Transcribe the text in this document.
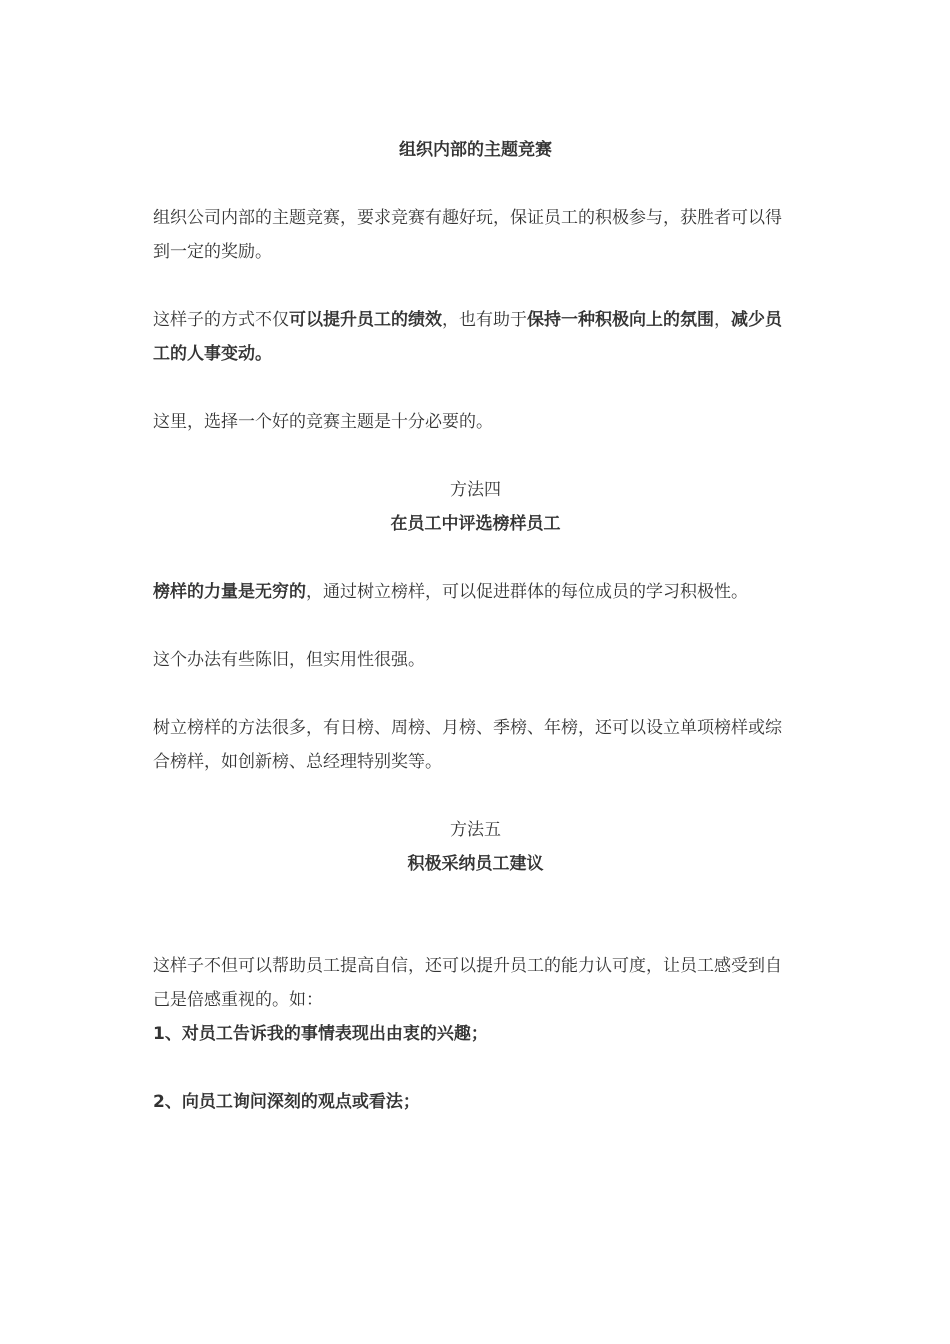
组织内部的主题竞赛
组织公司内部的主题竞赛，要求竞赛有趣好玩，保证员工的积极参与，获胜者可以得到一定的奖励。
这样子的方式不仅可以提升员工的绩效，也有助于保持一种积极向上的氛围，减少员工的人事变动。
这里，选择一个好的竞赛主题是十分必要的。
方法四
在员工中评选榜样员工
榜样的力量是无穷的，通过树立榜样，可以促进群体的每位成员的学习积极性。
这个办法有些陈旧，但实用性很强。
树立榜样的方法很多，有日榜、周榜、月榜、季榜、年榜，还可以设立单项榜样或综合榜样，如创新榜、总经理特别奖等。
方法五
积极采纳员工建议
这样子不但可以帮助员工提高自信，还可以提升员工的能力认可度，让员工感受到自己是倍感重视的。如：
1、对员工告诉我的事情表现出由衷的兴趣；
2、向员工询问深刻的观点或看法；
